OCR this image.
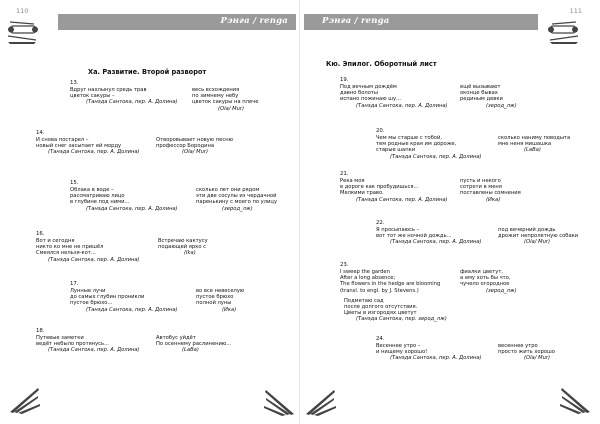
110
Рэнга / renga
Ха. Развитие. Второй разворот
13.
Вдруг нахлынул средь трав
цветок сакуры –
(Танэда Сантока, пер. А. Долина)
весь всхождения
по зимнему небу
цветок сакуры на плече
(Ola/ Mur)
14.
И снова постарел –
новый снег засыпает ей морду
(Танэда Сантока, пер. А. Долина)
Отворовывает новую песню
профессор Бородина
(Ola/ Mur)
15.
Облака в воде –
рассматриваю лицо
в глубине под ними...
(Танэда Сантока, пер. А. Долина)
сколько лет они рядом
эти две сосулы из чердачной
паренькину с моего по улицу
(зерод_лж)
16.
Вот и сегодня
никто ко мне не пришёл
Смеялся нельзя-кот...
(Танэда Сантока, пер. А. Долина)
Встречаю кактусу
подающей ярко с
(Ika)
17.
Лунные лучи
до самых глубин проникли
пустое брюхо...
(Танэда Сантока, пер. А. Долина)
во все невеселую
пустое брюхо
полной луны
(Ика)
18.
Путевые заметки
ведёт небыло протянусь...
(Танэда Сантока, пер. А. Долина)
Автобус уйдёт
По осеннему раслинению...
(LaBa)
111
Рэнга / renga
Кю. Эпилог. Оборотный лист
19.
Под вечным дождём
давно болоты
испано пожинаю шу...
(Танэда Сантока, пер. А. Долина)
ещё вызывают
оконце бывах
рединым девки
(зерод_лж)
20.
Чем мы старше с тобой,
тем родные края им дороже,
старые шапки
(Танэда Сантока, пер. А. Долина)
сколько наниму поводыта
мне неня мишашка
(LaBa)
21.
Река моя
в дороге как пробудишься...
Мелкими траво.
(Танэда Сантока, пер. А. Долина)
пусть и некого
сотрети в меня
поставлены сомнения
(Ика)
22.
Я просыпаюсь –
вот тот же ночной дождь...
(Танэда Сантока, пер. А. Долина)
под вечерний дождь
дрожит непролетную собаки
(Ola/ Mur)
23.
I sweep the garden
After a long absence;
The flowers in the hedge are blooming
(transl. to engl. by J. Stevens.)
Подметаю сад
после долгого отсутствия.
Цветы в изгородях цветут
(Танэда Сантока, пер. зерод_лж)
фиалки цветут,
а ему хоть бы что,
чучело огородное
(зерод_лж)
24.
Весеннее утро –
и нищему хорошо!
(Танэда Сантока, пер. А. Долина)
весеннее утро
просто жить хорошо
(Ola/ Mur)
